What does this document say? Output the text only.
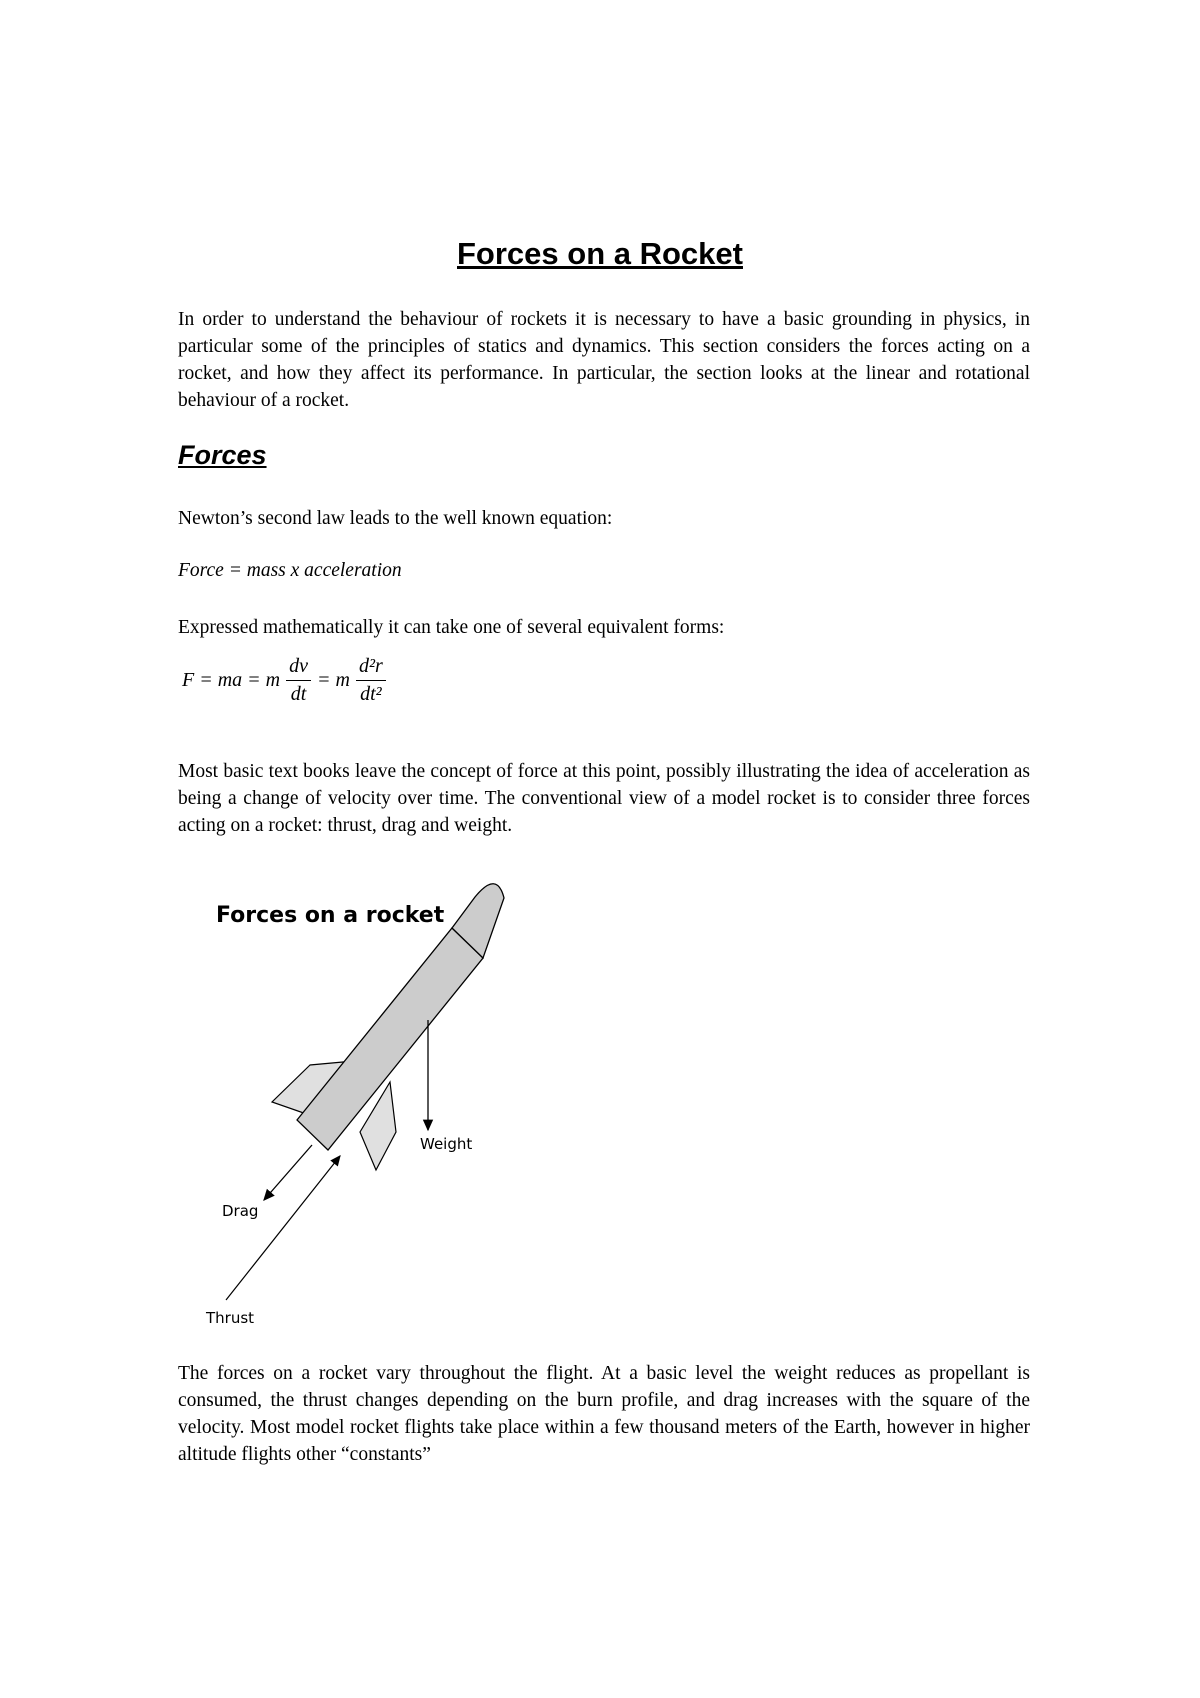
Forces on a Rocket

In order to understand the behaviour of rockets it is necessary to have a basic grounding in physics, in particular some of the principles of statics and dynamics. This section considers the forces acting on a rocket, and how they affect its performance. In particular, the section looks at the linear and rotational behaviour of a rocket.

Forces

Newton’s second law leads to the well known equation:

Force = mass x acceleration

Expressed mathematically it can take one of several equivalent forms:

F = ma = m $\frac{dv}{dt} = m \frac{\text{d²r}}{\text{dt²}}$

Most basic text books leave the concept of force at this point, possibly illustrating the idea of acceleration as being a change of velocity over time. The conventional view of a model rocket is to consider three forces acting on a rocket: thrust, drag and weight.

Forces on a rocket
Weight
Drag
Thrust

The forces on a rocket vary throughout the flight. At a basic level the weight reduces as propellant is consumed, the thrust changes depending on the burn profile, and drag increases with the square of the velocity. Most model rocket flights take place within a few thousand meters of the Earth, however in higher altitude flights other “constants”
